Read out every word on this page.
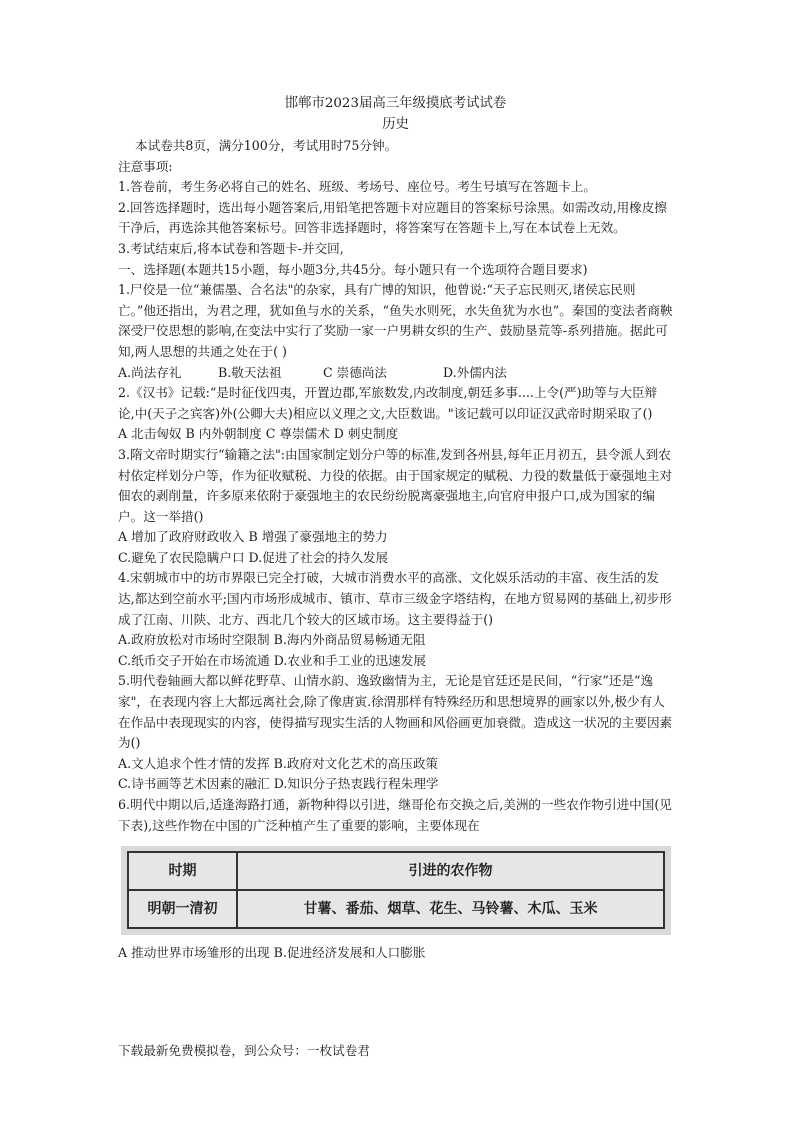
邯郸市2023届高三年级摸底考试试卷

历史

本试卷共8页，满分100分，考试用时75分钟。

注意事项:

1.答卷前，考生务必将自己的姓名、班级、考场号、座位号。考生号填写在答题卡上。

2.回答选择题时，选出每小题答案后,用铅笔把答题卡对应题目的答案标号涂黑。如需改动,用橡皮擦干净后，再选涂其他答案标号。回答非选择题时，将答案写在答题卡上,写在本试卷上无效。

3.考试结束后,将本试卷和答题卡-并交回,

一、选择题(本题共15小题，每小题3分,共45分。每小题只有一个选项符合题目要求)

1.尸佼是一位“兼儒墨、合名法"的杂家，具有广博的知识，他曾说:“天子忘民则灭,诸侯忘民则亡。”他还指出，为君之理，犹如鱼与水的关系，“鱼失水则死，水失鱼犹为水也”。秦国的变法者商鞅深受尸佼思想的影响,在变法中实行了奖励一家一户男耕女织的生产、鼓励垦荒等-系列措施。据此可知,两人思想的共通之处在于( )

A.尚法存礼	B.敬天法祖	C 崇德尚法	D.外儒内法

2.《汉书》记载:“是时征伐四夷，开置边郡,军旅数发,内改制度,朝廷多事....上令(严)助等与大臣辩论,中(天子之宾客)外(公卿大夫)相应以义理之文,大臣数诎。"该记载可以印证汉武帝时期采取了()

A 北击匈奴 B 内外朝制度 C 尊崇儒术 D 刺史制度

3.隋文帝时期实行“输籍之法":由国家制定划分户等的标准,发到各州县,每年正月初五，县令派人到农村依定样划分户等，作为征收赋税、力役的依据。由于国家规定的赋税、力役的数量低于豪强地主对佃农的剥削量，许多原来依附于豪强地主的农民纷纷脱离豪强地主,向官府申报户口,成为国家的编户。这一举措()

A 增加了政府财政收入 B 增强了豪强地主的势力

C.避免了农民隐瞒户口 D.促进了社会的持久发展

4.宋朝城市中的坊市界限已完全打破，大城市消费水平的高涨、文化娱乐活动的丰富、夜生活的发达,都达到空前水平;国内市场形成城市、镇市、草市三级金字塔结构，在地方贸易网的基础上,初步形成了江南、川陕、北方、西北几个较大的区域市场。这主要得益于()

A.政府放松对市场时空限制 B.海内外商品贸易畅通无阻

C.纸币交子开始在市场流通 D.农业和手工业的迅速发展

5.明代卷轴画大都以鲜花野草、山情水韵、逸致幽情为主，无论是官廷还是民间，“行家”还是“逸家"，在表现内容上大都远离社会,除了像唐寅.徐渭那样有特殊经历和思想境界的画家以外,极少有人在作品中表现现实的内容，使得描写现实生活的人物画和风俗画更加衰微。造成这一状况的主要因素为()

A.文人追求个性才情的发挥 B.政府对文化艺术的高压政策

C.诗书画等艺术因素的融汇 D.知识分子热衷践行程朱理学

6.明代中期以后,适逢海路打通，新物种得以引进，继哥伦布交换之后,美洲的一些农作物引进中国(见下表),这些作物在中国的广泛种植产生了重要的影响，主要体现在

时期	引进的农作物
明朝一清初	甘薯、番茄、烟草、花生、马铃薯、木瓜、玉米

A 推动世界市场雏形的出现 B.促进经济发展和人口膨胀

下载最新免费模拟卷，到公众号：一枚试卷君
